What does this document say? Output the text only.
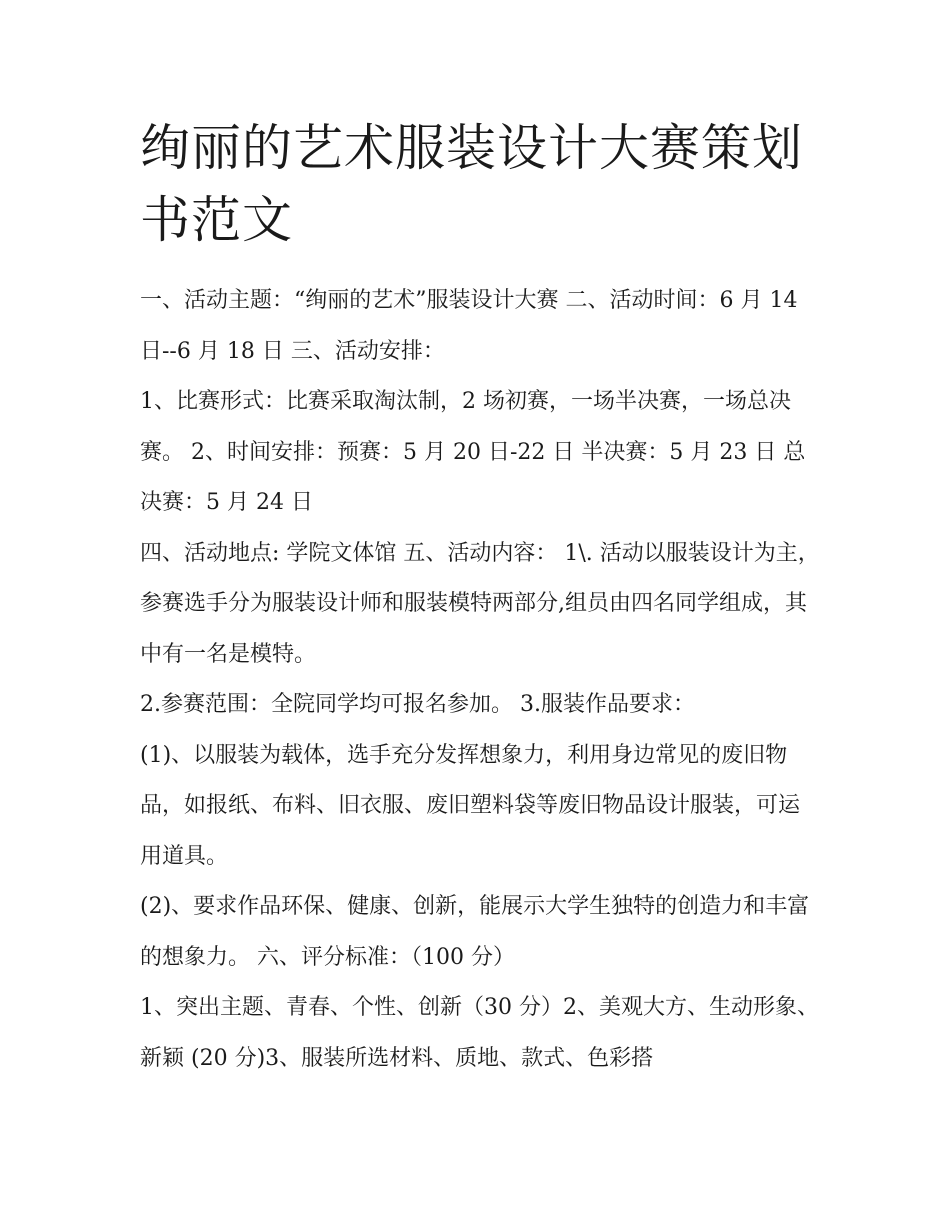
绚丽的艺术服装设计大赛策划书范文

一、活动主题：“绚丽的艺术”服装设计大赛 二、活动时间：6 月 14 日--6 月 18 日 三、活动安排：

1、比赛形式：比赛采取淘汰制，2 场初赛，一场半决赛，一场总决赛。 2、时间安排：预赛：5 月 20 日-22 日 半决赛：5 月 23 日 总决赛：5 月 24 日

四、活动地点: 学院文体馆 五、活动内容： 1\. 活动以服装设计为主，参赛选手分为服装设计师和服装模特两部分,组员由四名同学组成，其中有一名是模特。

2.参赛范围：全院同学均可报名参加。 3.服装作品要求：

(1)、以服装为载体，选手充分发挥想象力，利用身边常见的废旧物品，如报纸、布料、旧衣服、废旧塑料袋等废旧物品设计服装，可运用道具。

(2)、要求作品环保、健康、创新，能展示大学生独特的创造力和丰富的想象力。 六、评分标准：（100 分）

1、突出主题、青春、个性、创新（30 分）2、美观大方、生动形象、新颖 (20 分)3、服装所选材料、质地、款式、色彩搭
